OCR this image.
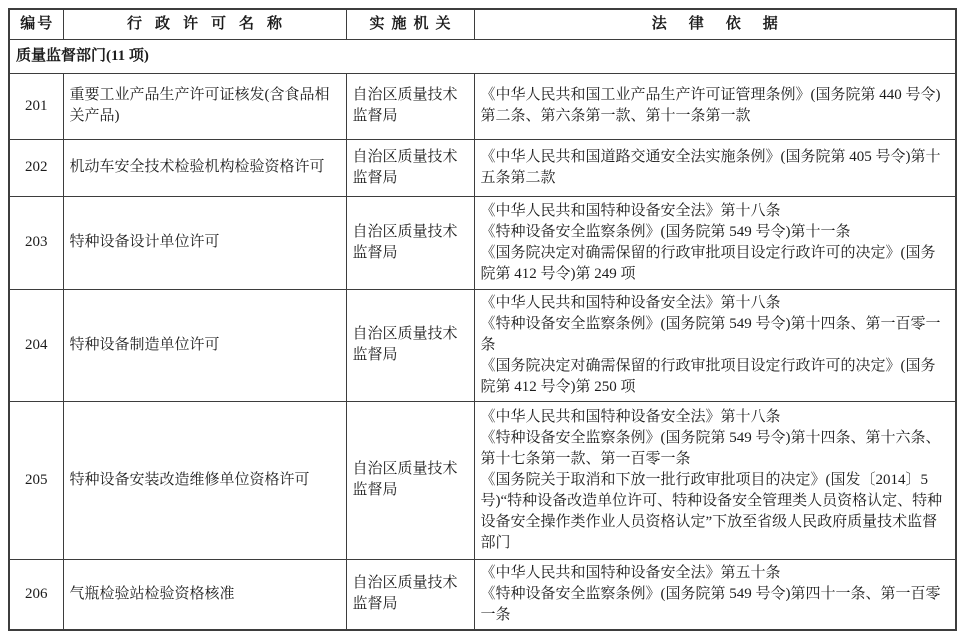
编号	行政许可名称	实施机关	法律依据
质量监督部门(11 项)			
201	重要工业产品生产许可证核发(含食品相关产品)	自治区质量技术监督局	《中华人民共和国工业产品生产许可证管理条例》(国务院第 440 号令)第二条、第六条第一款、第十一条第一款

202	机动车安全技术检验机构检验资格许可	自治区质量技术监督局	《中华人民共和国道路交通安全法实施条例》(国务院第 405 号令)第十五条第二款

203	特种设备设计单位许可	自治区质量技术监督局	《中华人民共和国特种设备安全法》第十八条
《特种设备安全监察条例》(国务院第 549 号令)第十一条
《国务院决定对确需保留的行政审批项目设定行政许可的决定》(国务院第 412 号令)第 249 项

204	特种设备制造单位许可	自治区质量技术监督局	《中华人民共和国特种设备安全法》第十八条
《特种设备安全监察条例》(国务院第 549 号令)第十四条、第一百零一条
《国务院决定对确需保留的行政审批项目设定行政许可的决定》(国务院第 412 号令)第 250 项

205	特种设备安装改造维修单位资格许可	自治区质量技术监督局	《中华人民共和国特种设备安全法》第十八条
《特种设备安全监察条例》(国务院第 549 号令)第十四条、第十六条、第十七条第一款、第一百零一条
《国务院关于取消和下放一批行政审批项目的决定》(国发〔2014〕5 号)“特种设备改造单位许可、特种设备安全管理类人员资格认定、特种设备安全操作类作业人员资格认定”下放至省级人民政府质量技术监督部门

206	气瓶检验站检验资格核准	自治区质量技术监督局	《中华人民共和国特种设备安全法》第五十条
《特种设备安全监察条例》(国务院第 549 号令)第四十一条、第一百零一条
